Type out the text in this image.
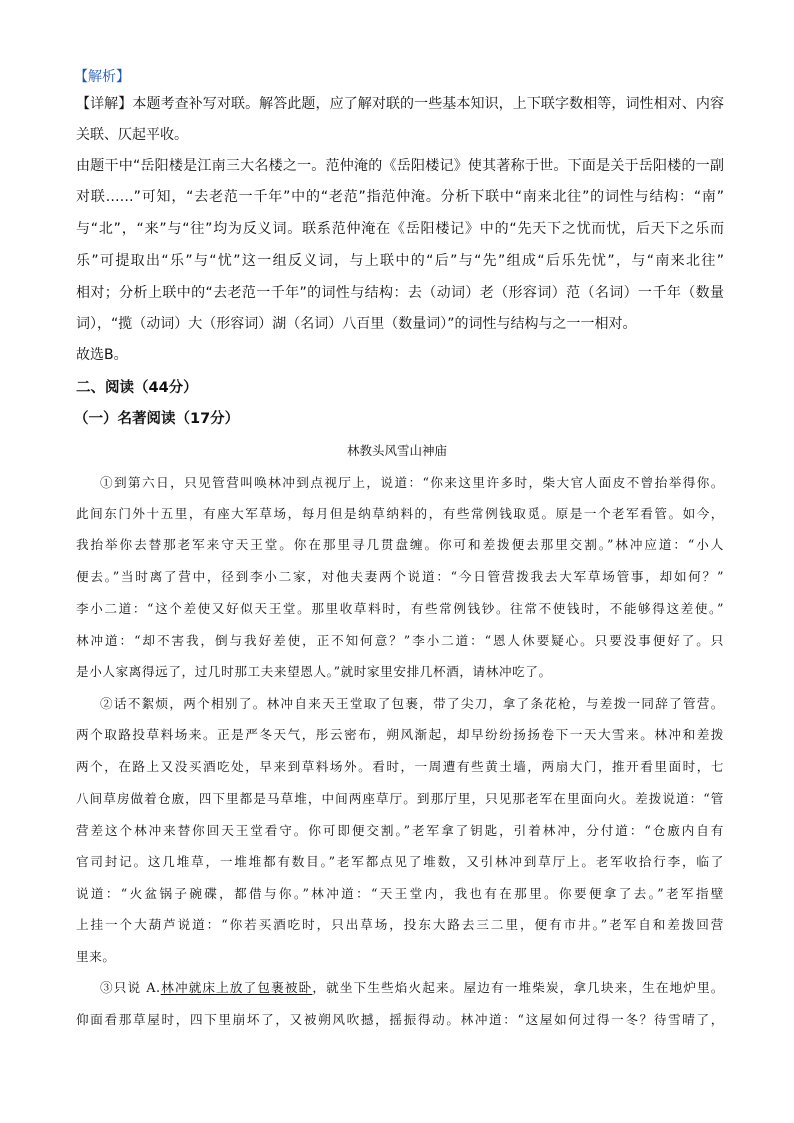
【解析】

【详解】本题考查补写对联。解答此题，应了解对联的一些基本知识，上下联字数相等，词性相对、内容

关联、仄起平收。

由题干中“岳阳楼是江南三大名楼之一。范仲淹的《岳阳楼记》使其著称于世。下面是关于岳阳楼的一副

对联……”可知，“去老范一千年”中的“老范”指范仲淹。分析下联中“南来北往”的词性与结构：“南”

与“北”，“来”与“往”均为反义词。联系范仲淹在《岳阳楼记》中的“先天下之忧而忧，后天下之乐而

乐”可提取出“乐”与“忧”这一组反义词，与上联中的“后”与“先”组成“后乐先忧”，与“南来北往”

相对；分析上联中的“去老范一千年”的词性与结构：去（动词）老（形容词）范（名词）一千年（数量

词），“揽（动词）大（形容词）湖（名词）八百里（数量词）”的词性与结构与之一一相对。

故选B。

二、阅读（44分）
（一）名著阅读（17分）
林教头风雪山神庙

①到第六日，只见管营叫唤林冲到点视厅上，说道：“你来这里许多时，柴大官人面皮不曾抬举得你。

此间东门外十五里，有座大军草场，每月但是纳草纳料的，有些常例钱取觅。原是一个老军看管。如今，

我抬举你去替那老军来守天王堂。你在那里寻几贯盘缠。你可和差拨便去那里交割。”林冲应道：“小人

便去。”当时离了营中，径到李小二家，对他夫妻两个说道：“今日管营拨我去大军草场管事，却如何？”

李小二道：“这个差使又好似天王堂。那里收草料时，有些常例钱钞。往常不使钱时，不能够得这差使。”

林冲道：“却不害我，倒与我好差使，正不知何意？”李小二道：“恩人休要疑心。只要没事便好了。只

是小人家离得远了，过几时那工夫来望恩人。”就时家里安排几杯酒，请林冲吃了。

②话不絮烦，两个相别了。林冲自来天王堂取了包裹，带了尖刀，拿了条花枪，与差拨一同辞了管营。

两个取路投草料场来。正是严冬天气，彤云密布，朔风渐起，却早纷纷扬扬卷下一天大雪来。林冲和差拨

两个，在路上又没买酒吃处，早来到草料场外。看时，一周遭有些黄土墙，两扇大门，推开看里面时，七

八间草房做着仓廒，四下里都是马草堆，中间两座草厅。到那厅里，只见那老军在里面向火。差拨说道：“管

营差这个林冲来替你回天王堂看守。你可即便交割。”老军拿了钥匙，引着林冲，分付道：“仓廒内自有

官司封记。这几堆草，一堆堆都有数目。”老军都点见了堆数，又引林冲到草厅上。老军收拾行李，临了

说道：“火盆锅子碗碟，都借与你。”林冲道：“天王堂内，我也有在那里。你要便拿了去。”老军指壁

上挂一个大葫芦说道：“你若买酒吃时，只出草场，投东大路去三二里，便有市井。”老军自和差拨回营

里来。

③只说 A.林冲就床上放了包裹被卧，就坐下生些焰火起来。屋边有一堆柴炭，拿几块来，生在地炉里。

仰面看那草屋时，四下里崩坏了，又被朔风吹撼，摇振得动。林冲道：“这屋如何过得一冬？待雪晴了，
